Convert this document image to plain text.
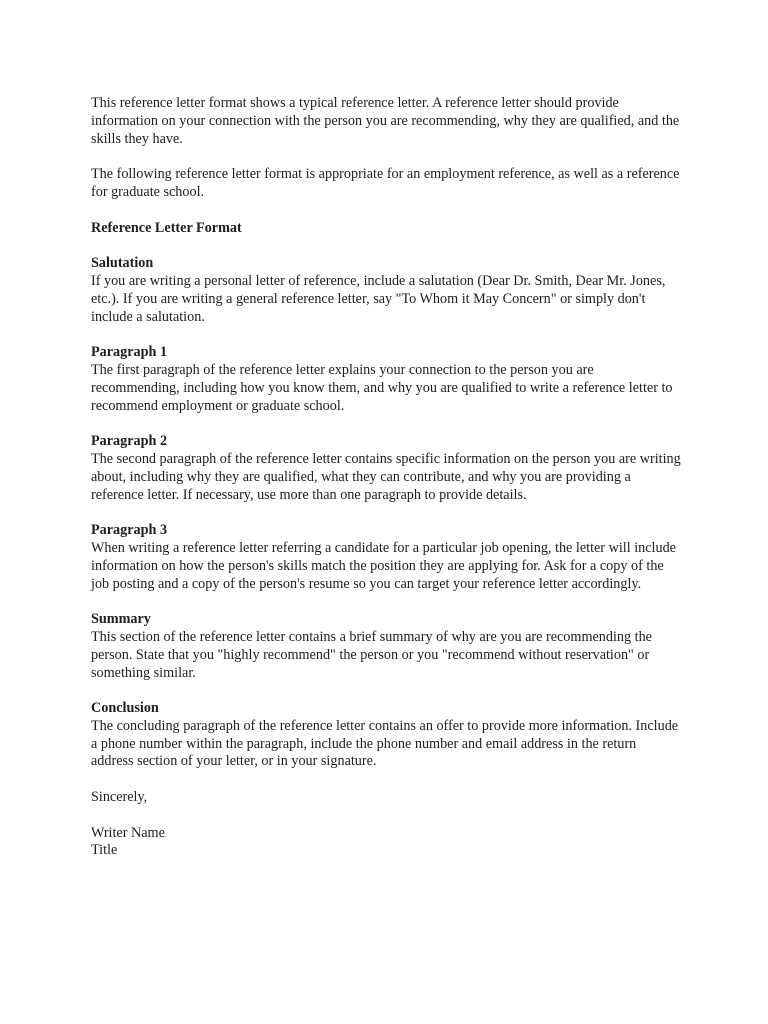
This reference letter format shows a typical reference letter. A reference letter should provide information on your connection with the person you are recommending, why they are qualified, and the skills they have.

The following reference letter format is appropriate for an employment reference, as well as a reference for graduate school.

Reference Letter Format
Salutation
If you are writing a personal letter of reference, include a salutation (Dear Dr. Smith, Dear Mr. Jones, etc.). If you are writing a general reference letter, say "To Whom it May Concern" or simply don't include a salutation.
Paragraph 1
The first paragraph of the reference letter explains your connection to the person you are recommending, including how you know them, and why you are qualified to write a reference letter to recommend employment or graduate school.
Paragraph 2
The second paragraph of the reference letter contains specific information on the person you are writing about, including why they are qualified, what they can contribute, and why you are providing a reference letter. If necessary, use more than one paragraph to provide details.
Paragraph 3
When writing a reference letter referring a candidate for a particular job opening, the letter will include information on how the person's skills match the position they are applying for. Ask for a copy of the job posting and a copy of the person's resume so you can target your reference letter accordingly.
Summary
This section of the reference letter contains a brief summary of why are you are recommending the person. State that you "highly recommend" the person or you "recommend without reservation" or something similar.
Conclusion
The concluding paragraph of the reference letter contains an offer to provide more information. Include a phone number within the paragraph, include the phone number and email address in the return address section of your letter, or in your signature.
Sincerely,
Writer Name
Title
